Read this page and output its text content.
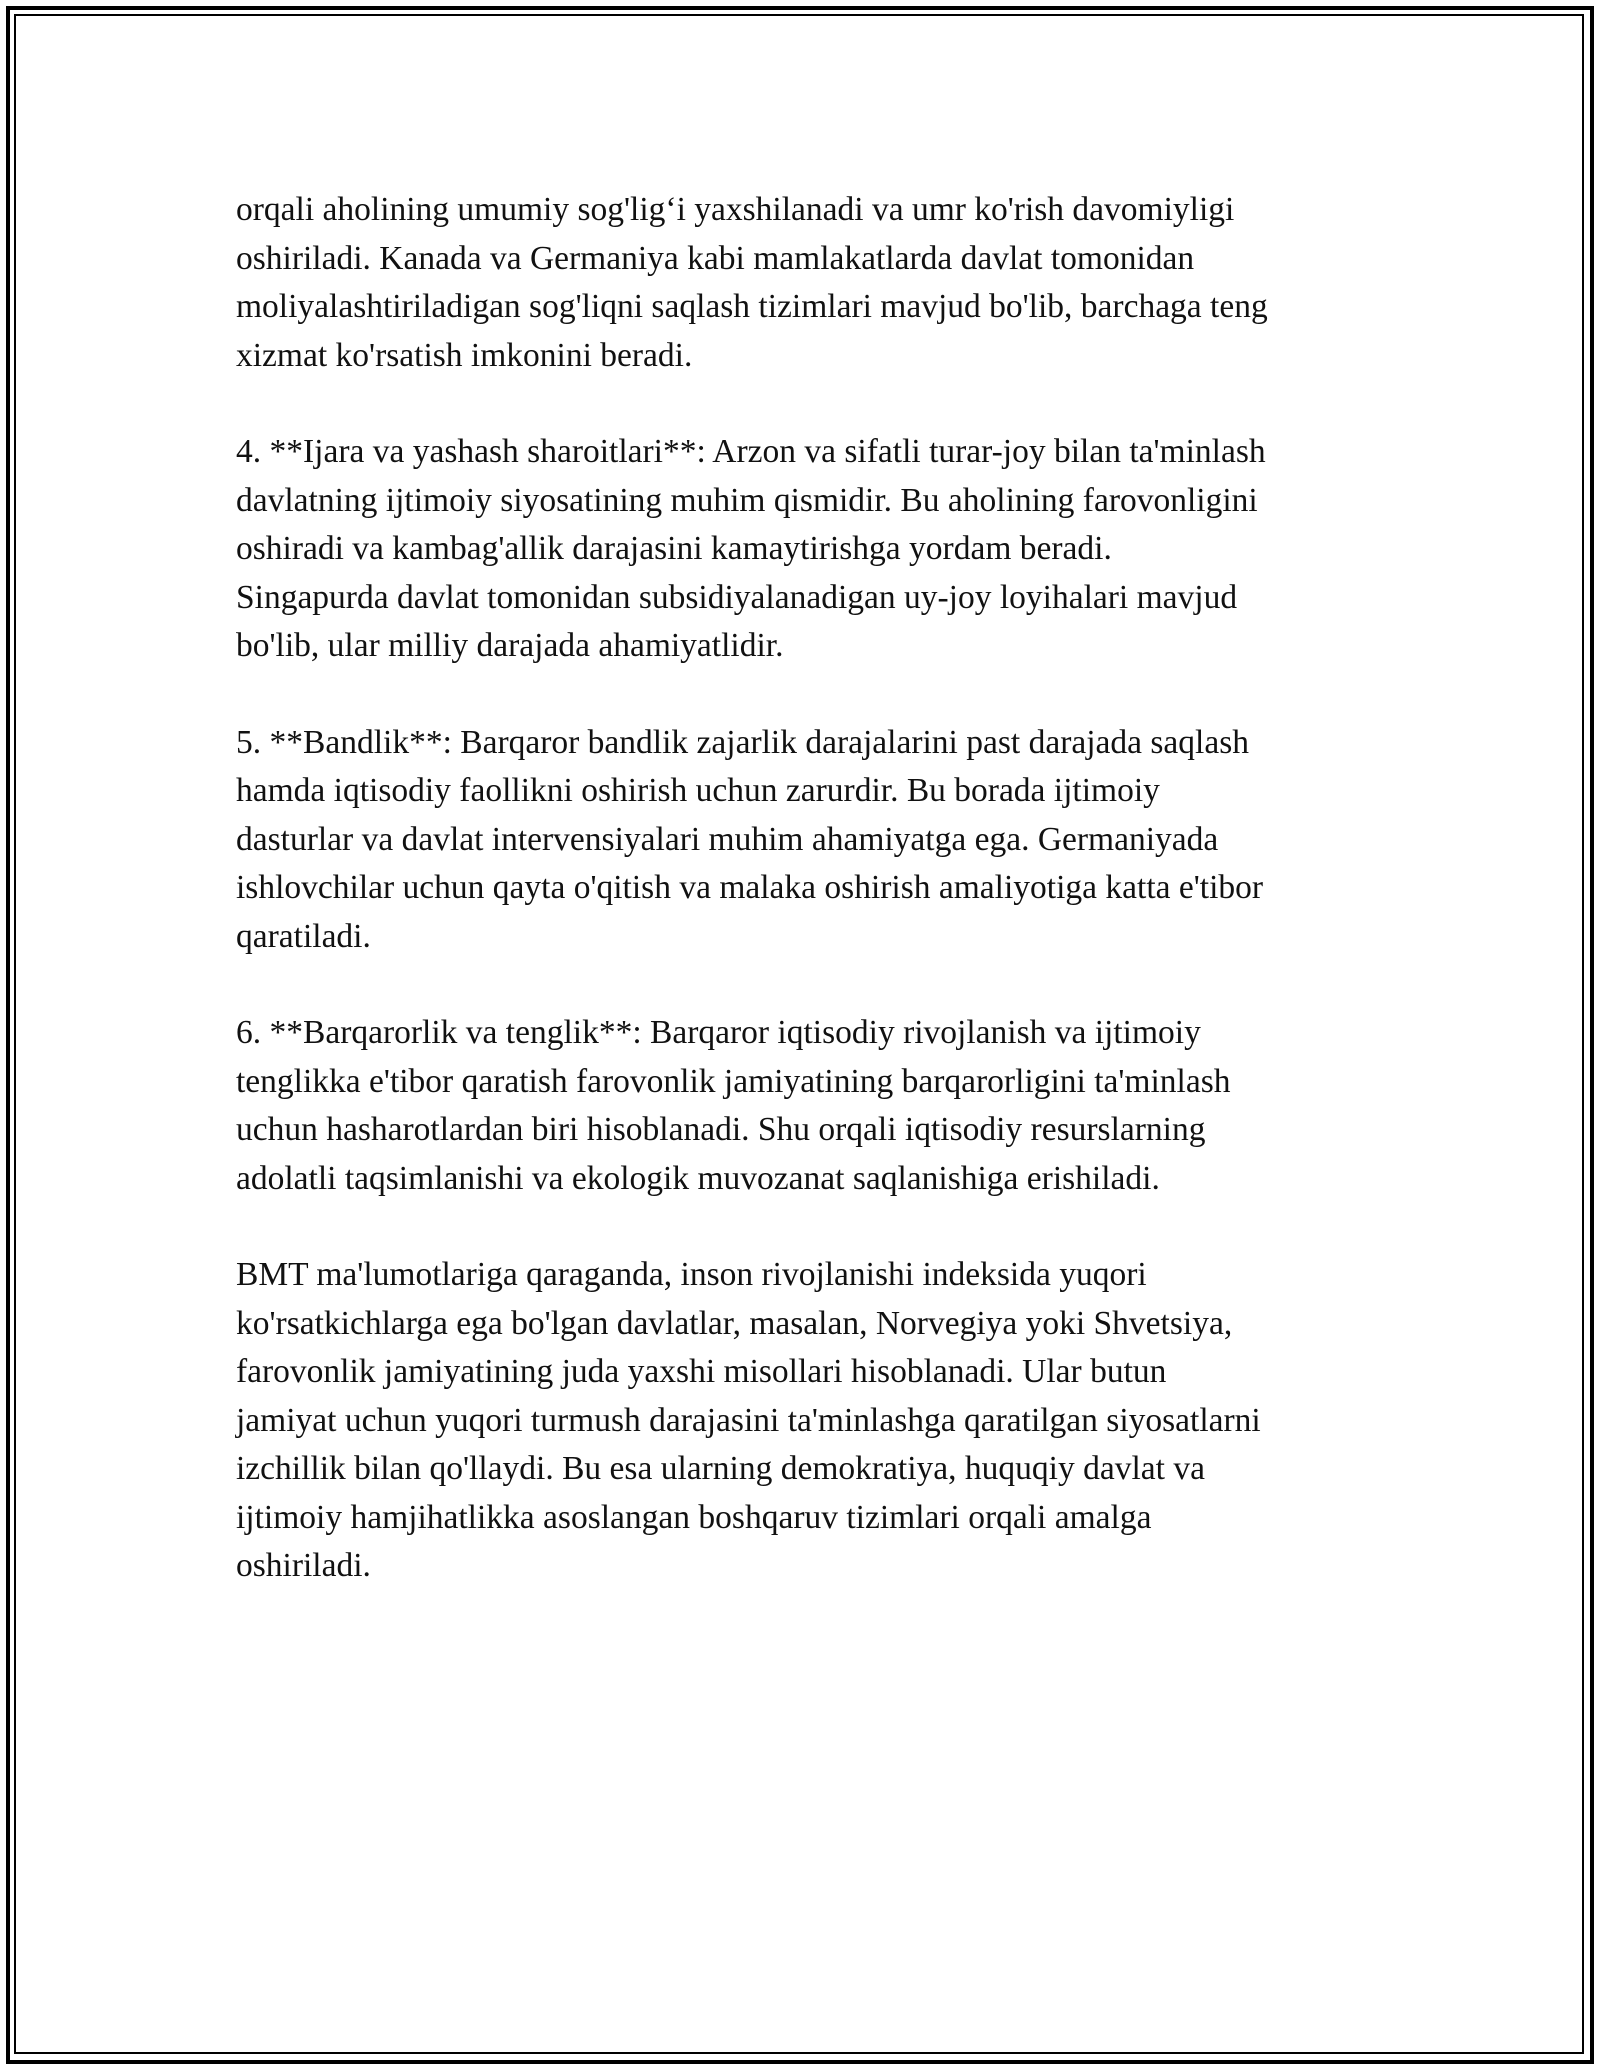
orqali aholining umumiy sog'lig‘i yaxshilanadi va umr ko'rish davomiyligi
oshiriladi. Kanada va Germaniya kabi mamlakatlarda davlat tomonidan
moliyalashtiriladigan sog'liqni saqlash tizimlari mavjud bo'lib, barchaga teng
xizmat ko'rsatish imkonini beradi.

4. **Ijara va yashash sharoitlari**: Arzon va sifatli turar-joy bilan ta'minlash
davlatning ijtimoiy siyosatining muhim qismidir. Bu aholining farovonligini
oshiradi va kambag'allik darajasini kamaytirishga yordam beradi.
Singapurda davlat tomonidan subsidiyalanadigan uy-joy loyihalari mavjud
bo'lib, ular milliy darajada ahamiyatlidir.

5. **Bandlik**: Barqaror bandlik zajarlik darajalarini past darajada saqlash
hamda iqtisodiy faollikni oshirish uchun zarurdir. Bu borada ijtimoiy
dasturlar va davlat intervensiyalari muhim ahamiyatga ega. Germaniyada
ishlovchilar uchun qayta o'qitish va malaka oshirish amaliyotiga katta e'tibor
qaratiladi.

6. **Barqarorlik va tenglik**: Barqaror iqtisodiy rivojlanish va ijtimoiy
tenglikka e'tibor qaratish farovonlik jamiyatining barqarorligini ta'minlash
uchun hasharotlardan biri hisoblanadi. Shu orqali iqtisodiy resurslarning
adolatli taqsimlanishi va ekologik muvozanat saqlanishiga erishiladi.

BMT ma'lumotlariga qaraganda, inson rivojlanishi indeksida yuqori
ko'rsatkichlarga ega bo'lgan davlatlar, masalan, Norvegiya yoki Shvetsiya,
farovonlik jamiyatining juda yaxshi misollari hisoblanadi. Ular butun
jamiyat uchun yuqori turmush darajasini ta'minlashga qaratilgan siyosatlarni
izchillik bilan qo'llaydi. Bu esa ularning demokratiya, huquqiy davlat va
ijtimoiy hamjihatlikka asoslangan boshqaruv tizimlari orqali amalga
oshiriladi.
